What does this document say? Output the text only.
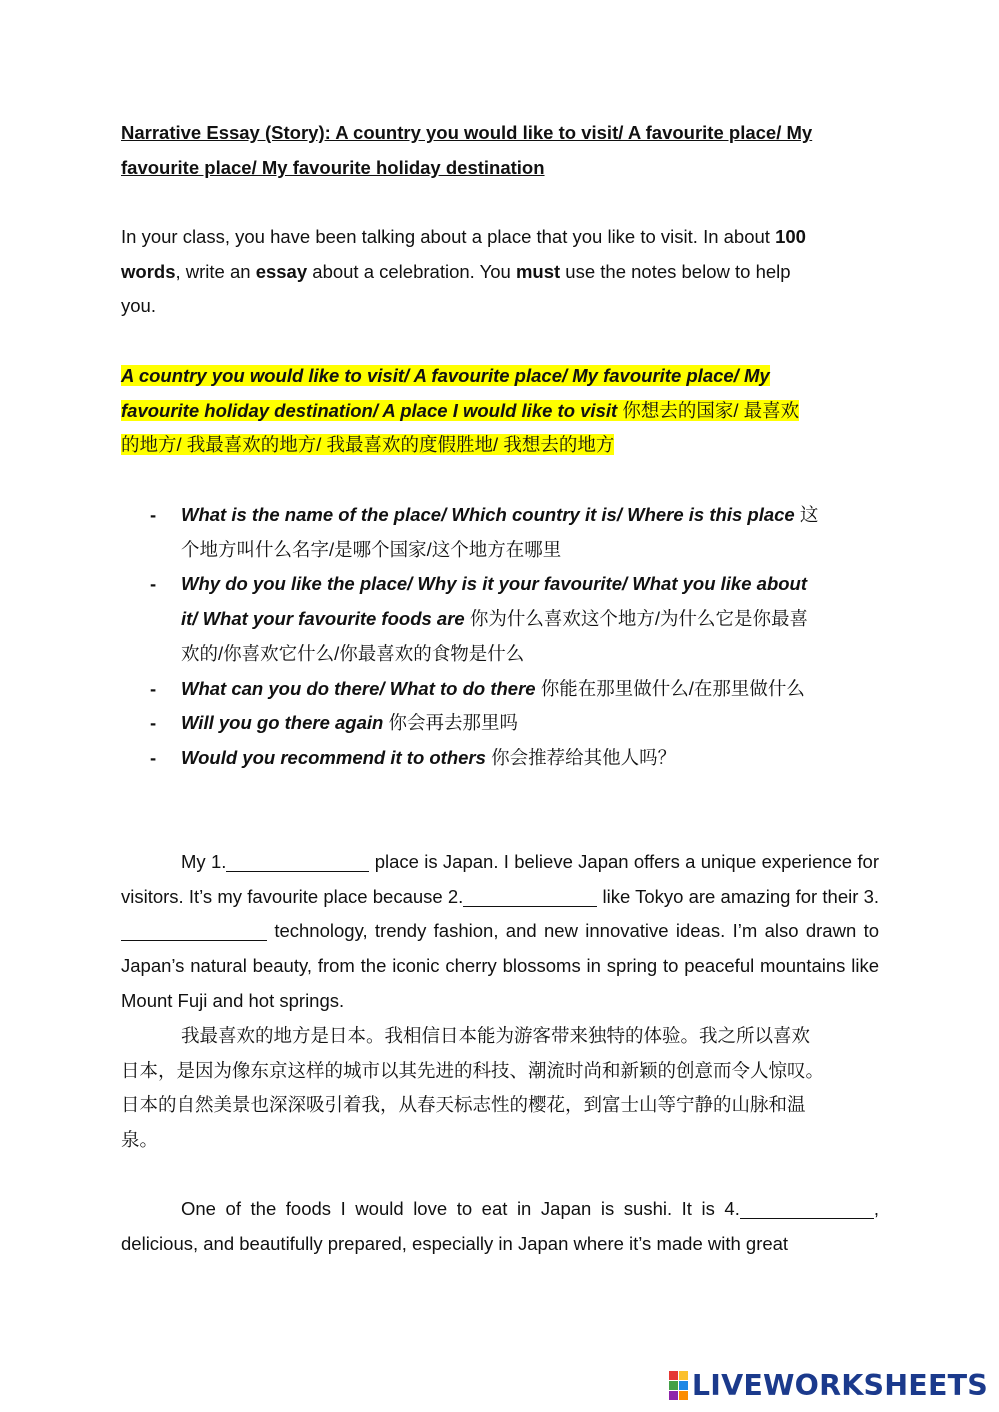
Narrative Essay (Story): A country you would like to visit/ A favourite place/ My
favourite place/ My favourite holiday destination
In your class, you have been talking about a place that you like to visit. In about 100
words, write an essay about a celebration. You must use the notes below to help
you.
A country you would like to visit/ A favourite place/ My favourite place/ My
favourite holiday destination/ A place I would like to visit 你想去的国家/ 最喜欢
的地方/ 我最喜欢的地方/ 我最喜欢的度假胜地/ 我想去的地方
- What is the name of the place/ Which country it is/ Where is this place 这
个地方叫什么名字/是哪个国家/这个地方在哪里
- Why do you like the place/ Why is it your favourite/ What you like about
it/ What your favourite foods are 你为什么喜欢这个地方/为什么它是你最喜
欢的/你喜欢它什么/你最喜欢的食物是什么
- What can you do there/ What to do there 你能在那里做什么/在那里做什么
- Will you go there again 你会再去那里吗
- Would you recommend it to others 你会推荐给其他人吗？
My 1.	place is Japan. I believe Japan offers a unique experience for visitors. It’s my favourite place because 2.	like Tokyo are amazing for their 3. technology, trendy fashion, and new innovative ideas. I’m also drawn to Japan’s natural beauty, from the iconic cherry blossoms in spring to peaceful mountains like Mount Fuji and hot springs.
我最喜欢的地方是日本。我相信日本能为游客带来独特的体验。我之所以喜欢
日本，是因为像东京这样的城市以其先进的科技、潮流时尚和新颖的创意而令人惊叹。
日本的自然美景也深深吸引着我，从春天标志性的樱花，到富士山等宁静的山脉和温
泉。
One of the foods I would love to eat in Japan is sushi. It is 4.	, delicious, and beautifully prepared, especially in Japan where it’s made with great
LIVEWORKSHEETS
